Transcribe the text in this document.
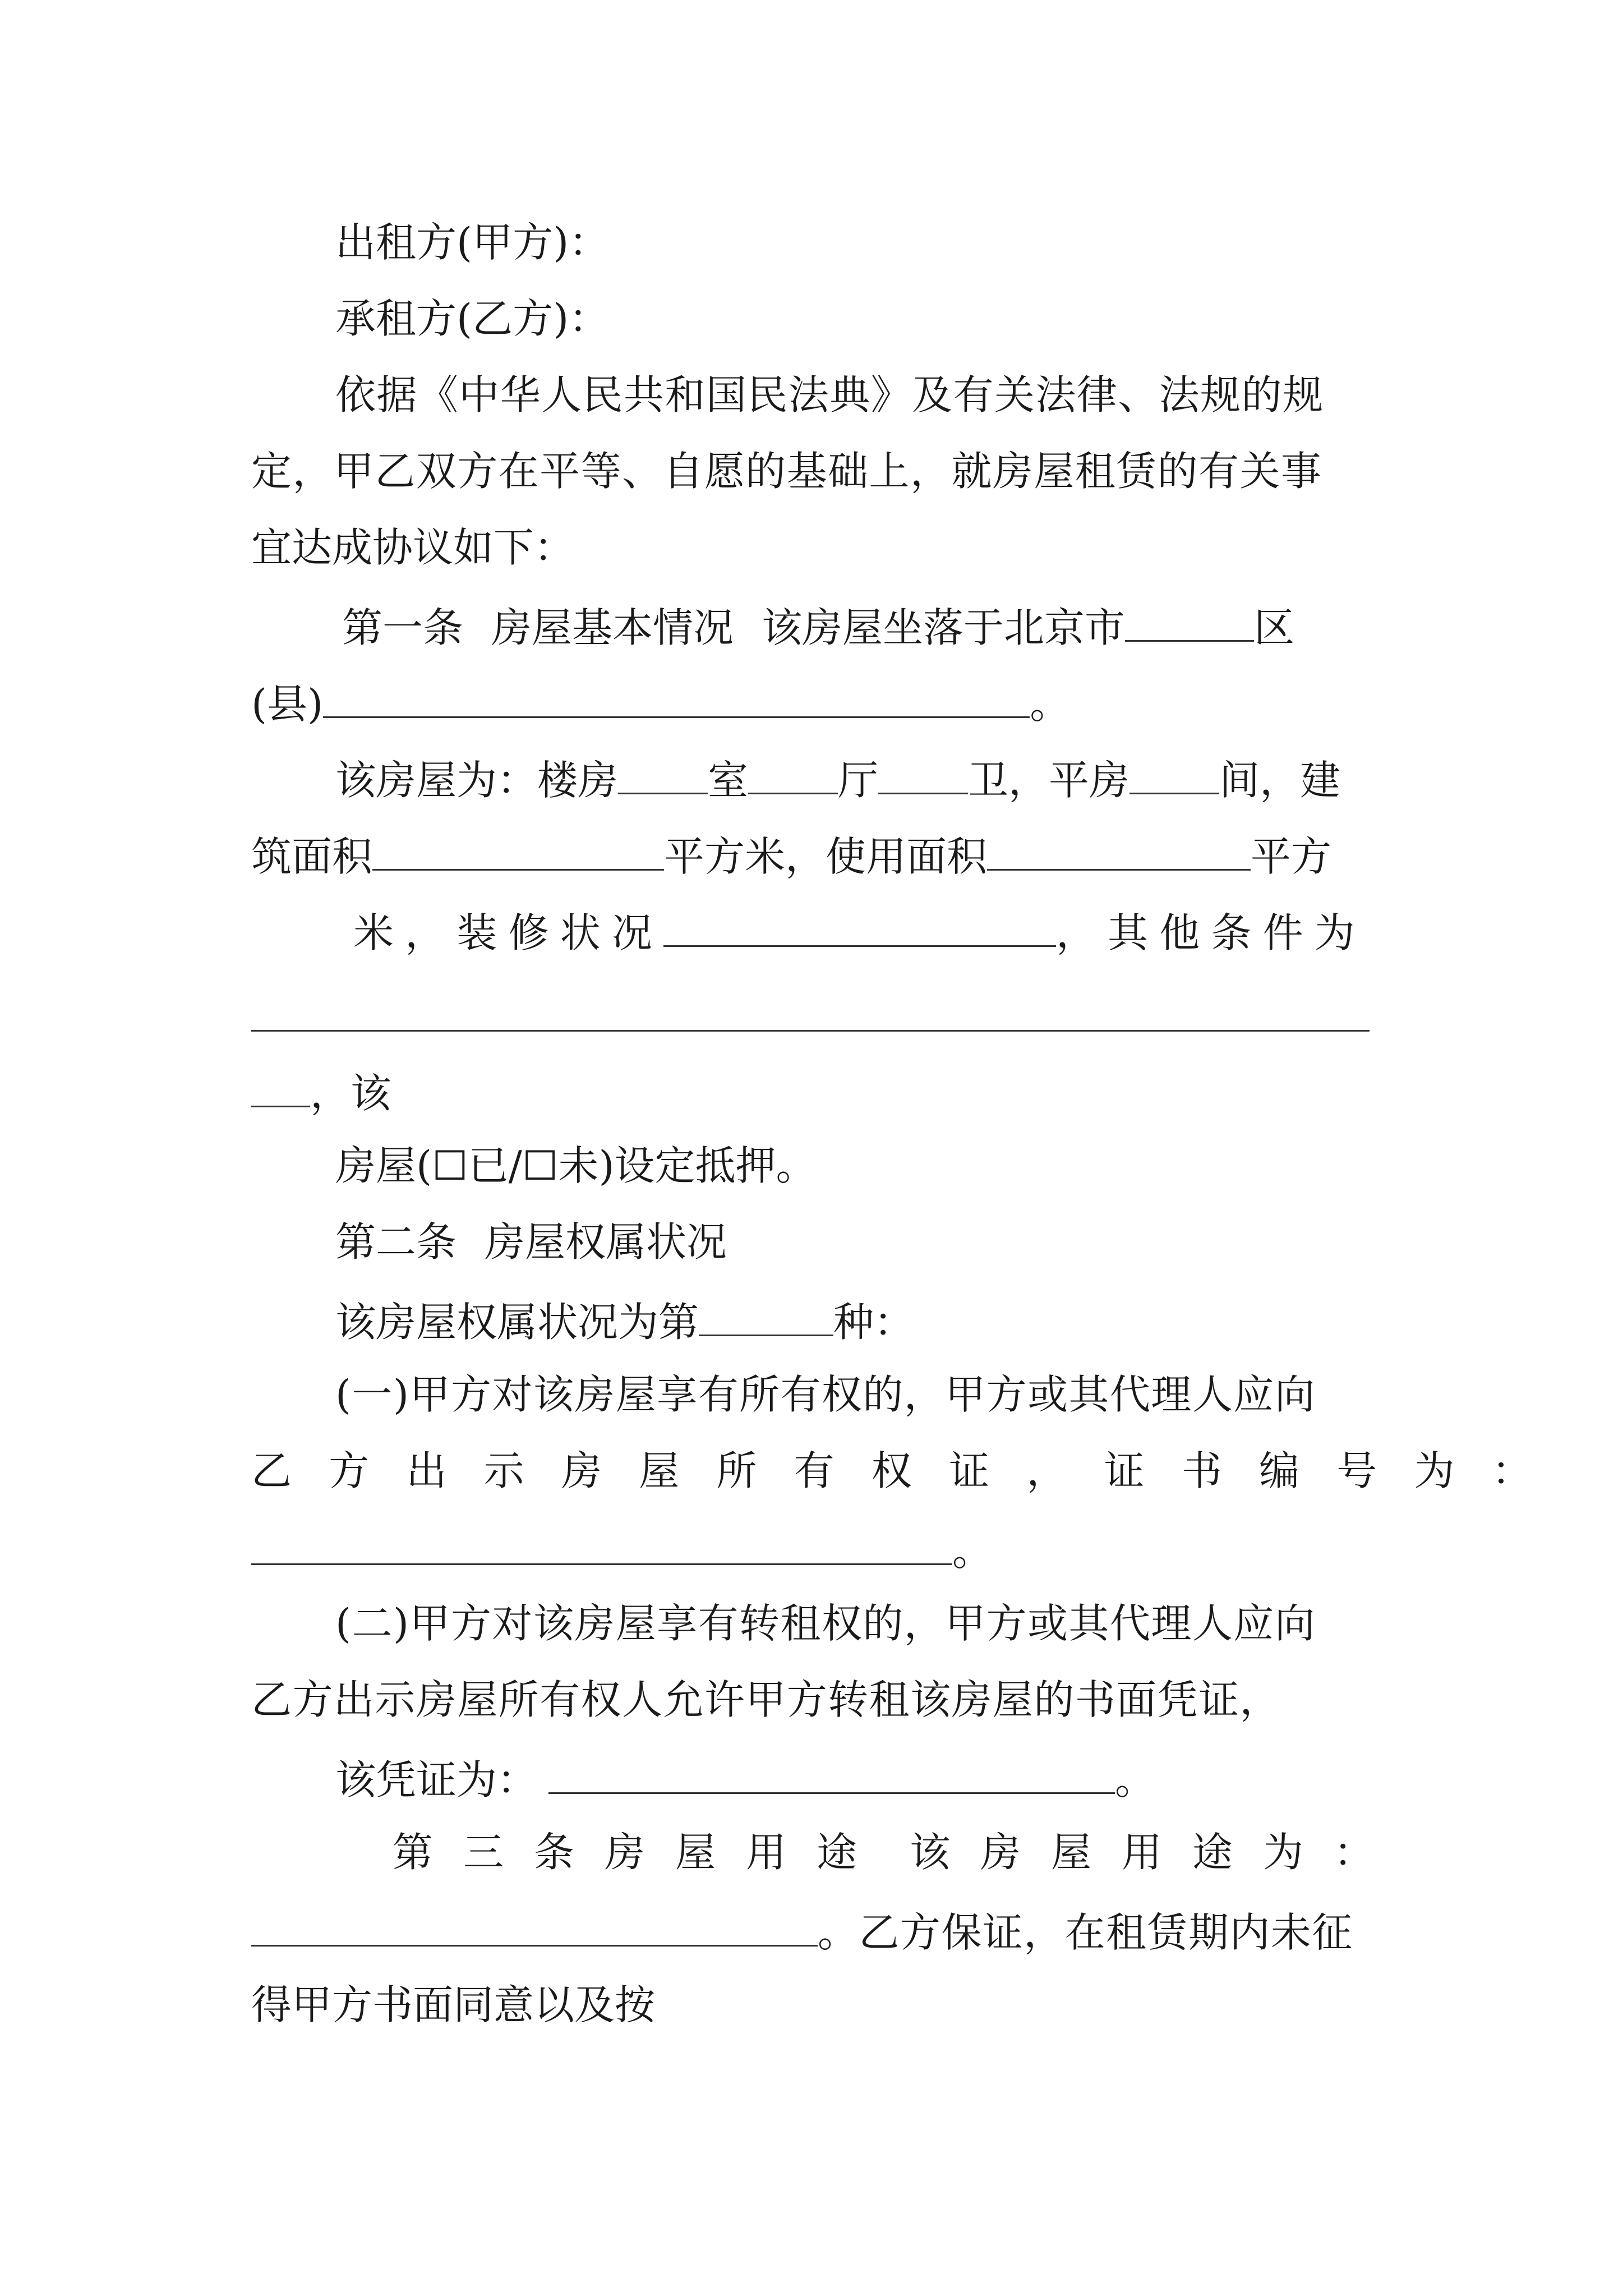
出租方(甲方)：
承租方(乙方)：
依据《中华人民共和国民法典》及有关法律、法规的规
定，甲乙双方在平等、自愿的基础上，就房屋租赁的有关事
宜达成协议如下：
第一条 房屋基本情况 该房屋坐落于北京市	区
(县)	。
该房屋为：楼房 室 厅 卫，平房 间，建
筑面积	平方米，使用面积	平方
米，装修状况	，其他条件为
，该
房屋(☐已/☐未)设定抵押。
第二条 房屋权属状况
该房屋权属状况为第	种：
(一)甲方对该房屋享有所有权的，甲方或其代理人应向
乙方出示房屋所有权证，证书编号为：
。
(二)甲方对该房屋享有转租权的，甲方或其代理人应向
乙方出示房屋所有权人允许甲方转租该房屋的书面凭证，
该凭证为：	。
第三条房屋用途 该房屋用途为：
。乙方保证，在租赁期内未征
得甲方书面同意以及按
